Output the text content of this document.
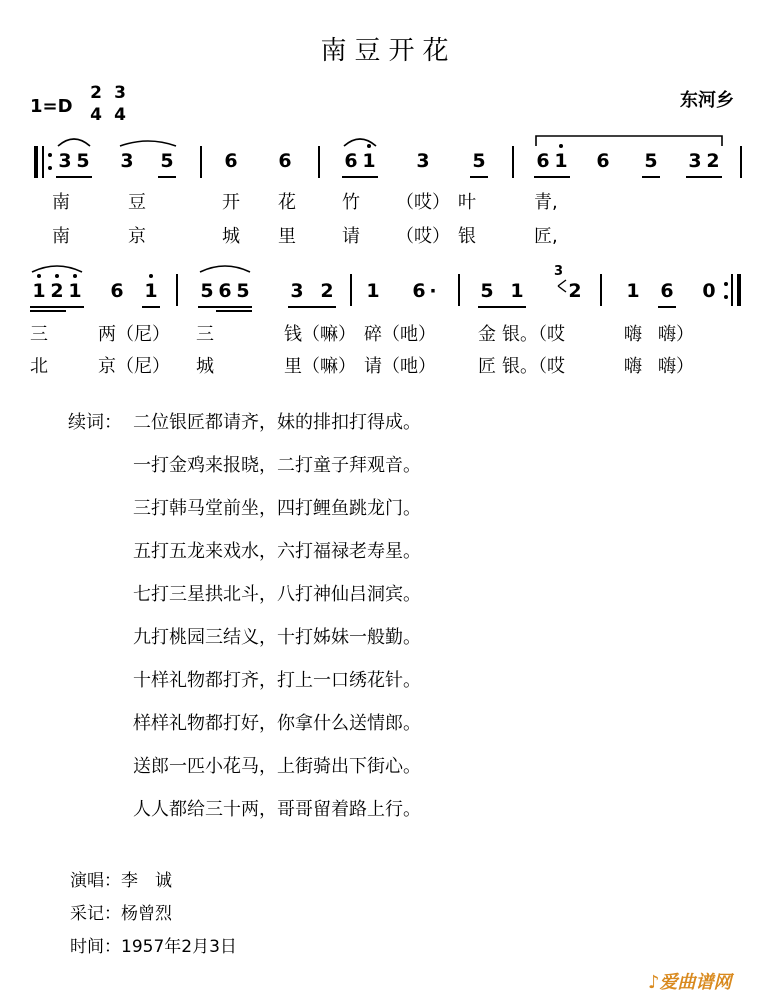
南豆开花
1=D
2
4
3
4
东河乡
3 5 3 5	6 6	6 1 3 5	6 1 6 5 3 2
南	豆	开 花	竹 （哎） 叶	青,
南	京	城 里	请 （哎） 银	匠,
1 2 1 6 1 5 6 5 3 2 1 6 · 5 1
3
2 1 6 0
三	两（尼） 三	钱（嘛） 碎（吔） 金 银。（哎	嗨 嗨）
北	京（尼） 城	里（嘛） 请（吔） 匠 银。（哎	嗨 嗨）
续词： 二位银匠都请齐，妹的排扣打得成。
一打金鸡来报晓，二打童子拜观音。
三打韩马堂前坐，四打鲤鱼跳龙门。
五打五龙来戏水，六打福禄老寿星。
七打三星拱北斗，八打神仙吕洞宾。
九打桃园三结义，十打姊妹一般勤。
十样礼物都打齐，打上一口绣花针。
样样礼物都打好，你拿什么送情郎。
送郎一匹小花马，上街骑出下街心。
人人都给三十两，哥哥留着路上行。
演唱：李　诚
采记：杨曾烈
时间：1957年2月3日
♪爱曲谱网
